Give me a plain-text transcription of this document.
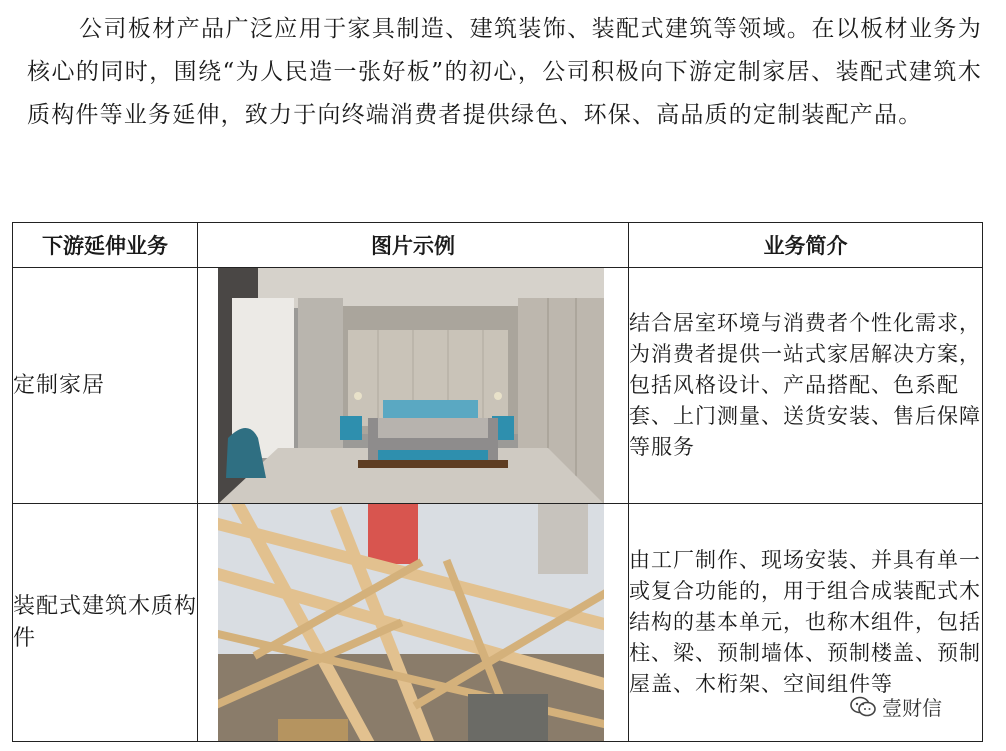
公司板材产品广泛应用于家具制造、建筑装饰、装配式建筑等领域。在以板材业务为核心的同时，围绕“为人民造一张好板”的初心，公司积极向下游定制家居、装配式建筑木质构件等业务延伸，致力于向终端消费者提供绿色、环保、高品质的定制装配产品。

下游延伸业务	图片示例	业务简介
定制家居		结合居室环境与消费者个性化需求，为消费者提供一站式家居解决方案，包括风格设计、产品搭配、色系配套、上门测量、送货安装、售后保障等服务
装配式建筑木质构件		由工厂制作、现场安装、并具有单一或复合功能的，用于组合成装配式木结构的基本单元，也称木组件，包括柱、梁、预制墙体、预制楼盖、预制屋盖、木桁架、空间组件等
壹财信
